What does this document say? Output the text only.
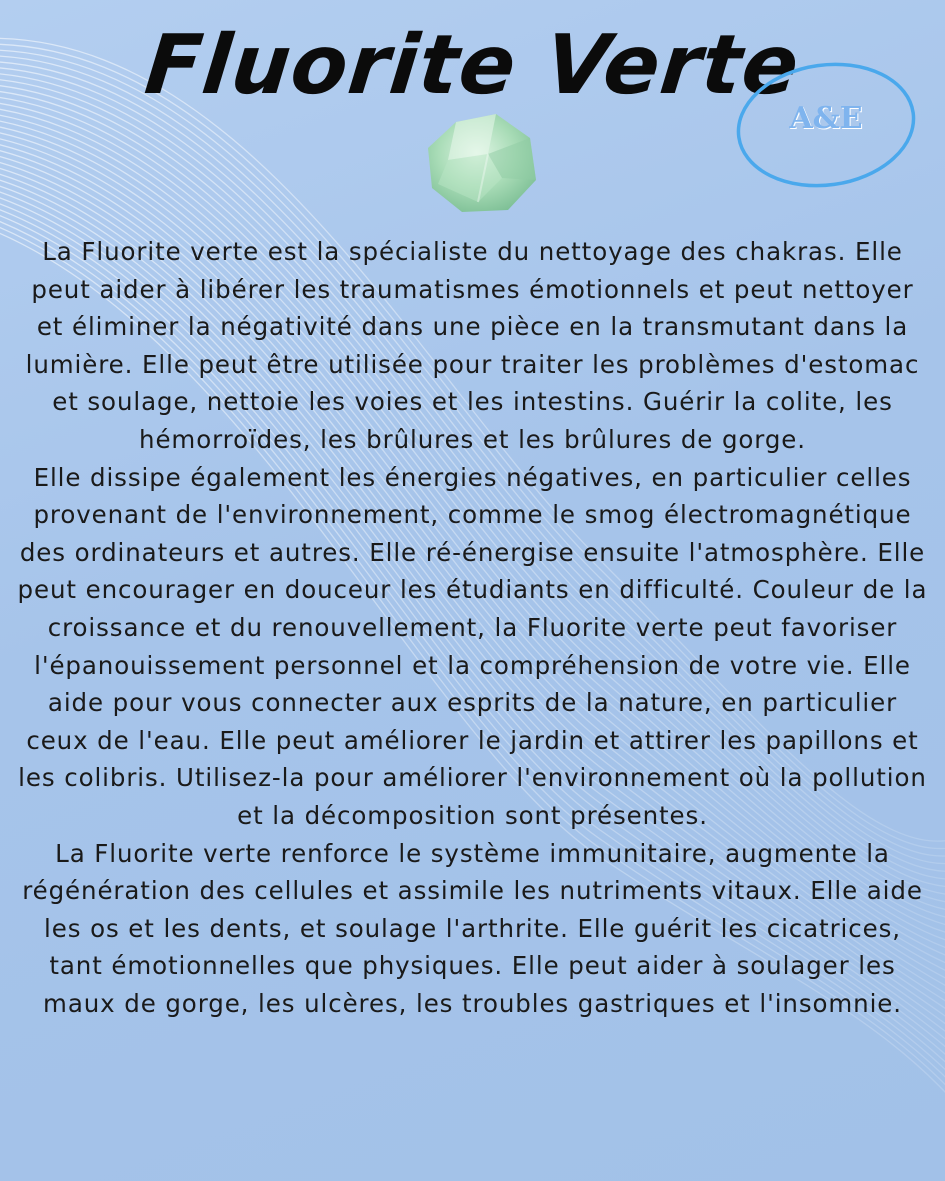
Fluorite Verte
A&E

La Fluorite verte est la spécialiste du nettoyage des chakras. Elle peut aider à libérer les traumatismes émotionnels et peut nettoyer et éliminer la négativité dans une pièce en la transmutant dans la lumière. Elle peut être utilisée pour traiter les problèmes d'estomac et soulage, nettoie les voies et les intestins. Guérir la colite, les hémorroïdes, les brûlures et les brûlures de gorge.

Elle dissipe également les énergies négatives, en particulier celles provenant de l'environnement, comme le smog électromagnétique des ordinateurs et autres. Elle ré-énergise ensuite l'atmosphère. Elle peut encourager en douceur les étudiants en difficulté. Couleur de la croissance et du renouvellement, la Fluorite verte peut favoriser l'épanouissement personnel et la compréhension de votre vie. Elle aide pour vous connecter aux esprits de la nature, en particulier ceux de l'eau. Elle peut améliorer le jardin et attirer les papillons et les colibris. Utilisez-la pour améliorer l'environnement où la pollution et la décomposition sont présentes.

La Fluorite verte renforce le système immunitaire, augmente la régénération des cellules et assimile les nutriments vitaux. Elle aide les os et les dents, et soulage l'arthrite. Elle guérit les cicatrices, tant émotionnelles que physiques. Elle peut aider à soulager les maux de gorge, les ulcères, les troubles gastriques et l'insomnie.
